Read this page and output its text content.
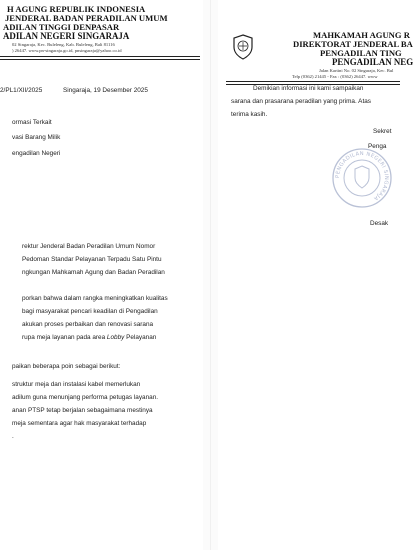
H AGUNG REPUBLIK INDONESIA
JENDERAL BADAN PERADILAN UMUM
ADILAN TINGGI DENPASAR
ADILAN NEGERI SINGARAJA
02 Singaraja, Kec. Buleleng, Kab. Buleleng, Bali 81116
) 26447. www.pn-singaraja.go.id, pnsingaraja@yahoo.co.id
2/PL1/XII/2025	Singaraja, 19 Desember 2025
ormasi Terkait
vasi Barang Milik
engadilan Negeri
rektur Jenderal Badan Peradilan Umum Nomor
Pedoman Standar Pelayanan Terpadu Satu Pintu
ngkungan Mahkamah Agung dan Badan Peradilan
porkan bahwa dalam rangka meningkatkan kualitas
bagi masyarakat pencari keadilan di Pengadilan
akukan proses perbaikan dan renovasi sarana
rupa meja layanan pada area Lobby Pelayanan
paikan beberapa poin sebagai berikut:
struktur meja dan instalasi kabel memerlukan
adilum guna menunjang performa petugas layanan.
anan PTSP tetap berjalan sebagaimana mestinya
meja sementara agar hak masyarakat terhadap
.
MAHKAMAH AGUNG R
DIREKTORAT JENDERAL BA
PENGADILAN TING
PENGADILAN NEG
Jalan Kartini No. 02 Singaraja, Kec. Bul
Telp (0362) 21445 - Fax : (0362) 26447. www
Demikian informasi ini kami sampaikan
sarana dan prasarana peradilan yang prima. Atas
terima kasih.
Sekret
Penga
PENGADILAN NEGERI SINGARAJA
Desak
